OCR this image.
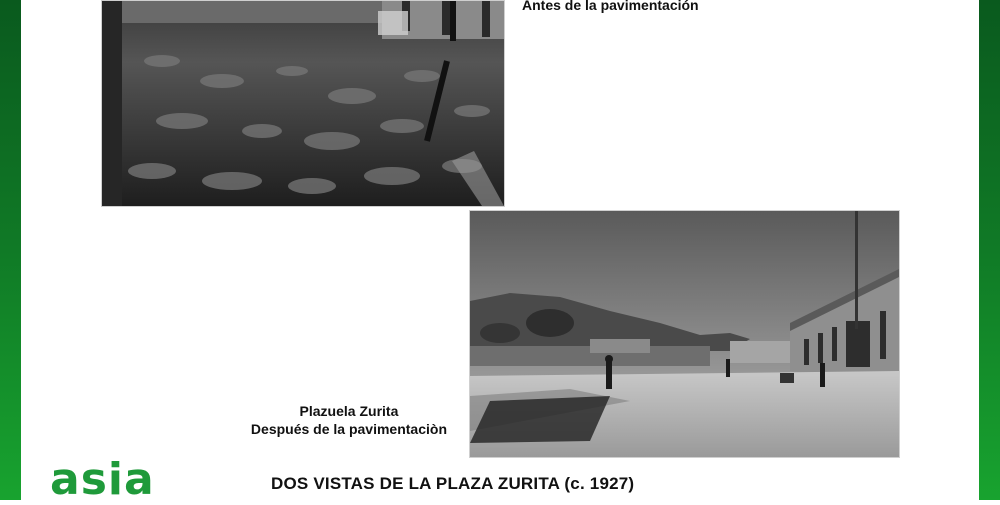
Antes de la pavimentación
Plazuela Zurita
Después de la pavimentaciòn
asia	DOS VISTAS DE LA PLAZA ZURITA (c. 1927)
